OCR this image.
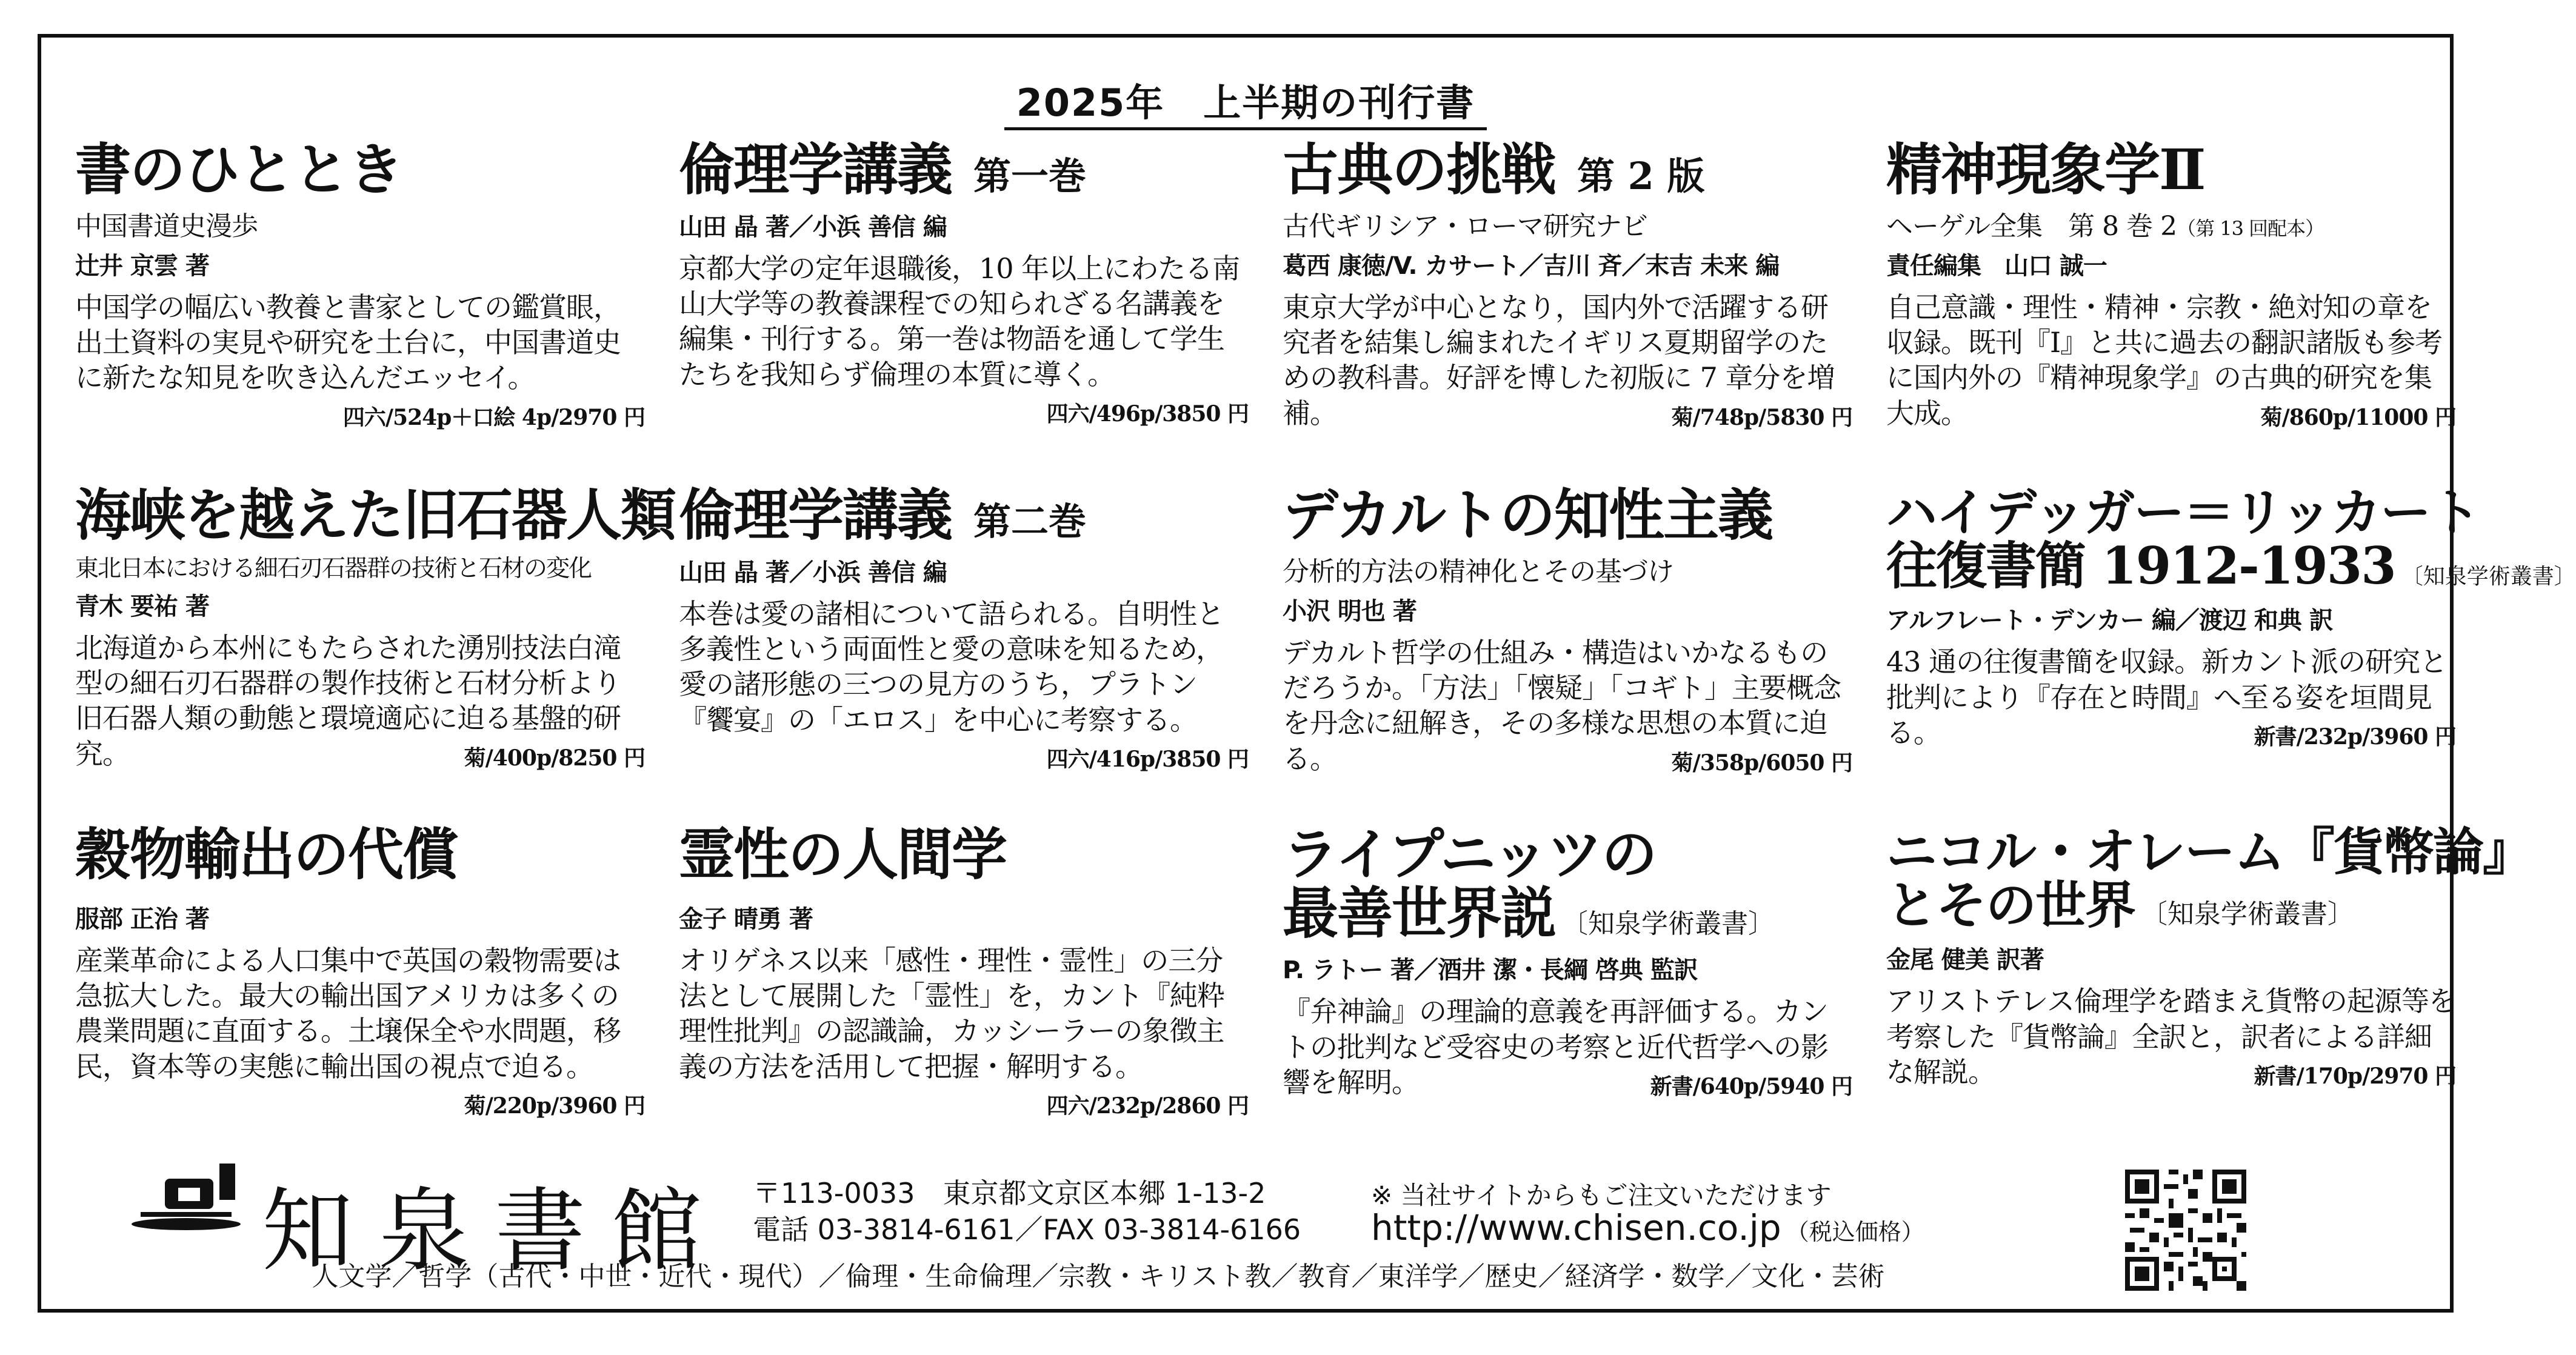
2025年　上半期の刊行書
書のひととき
中国書道史漫歩
辻井 京雲 著
中国学の幅広い教養と書家としての鑑賞眼，出土資料の実見や研究を土台に，中国書道史に新たな知見を吹き込んだエッセイ。
四六/524p＋口絵 4p/2970 円
倫理学講義 第一巻
山田 晶 著／小浜 善信 編
京都大学の定年退職後，10 年以上にわたる南山大学等の教養課程での知られざる名講義を編集・刊行する。第一巻は物語を通して学生たちを我知らず倫理の本質に導く。
四六/496p/3850 円
古典の挑戦 第 2 版
古代ギリシア・ローマ研究ナビ
葛西 康徳/V. カサート／吉川 斉／末吉 未来 編
東京大学が中心となり，国内外で活躍する研究者を結集し編まれたイギリス夏期留学のための教科書。好評を博した初版に 7 章分を増補。	菊/748p/5830 円
精神現象学Ⅱ
ヘーゲル全集　第 8 巻 2（第 13 回配本）
責任編集　山口 誠一
自己意識・理性・精神・宗教・絶対知の章を収録。既刊『Ⅰ』と共に過去の翻訳諸版も参考に国内外の『精神現象学』の古典的研究を集大成。	菊/860p/11000 円
海峡を越えた旧石器人類
東北日本における細石刃石器群の技術と石材の変化
青木 要祐 著
北海道から本州にもたらされた湧別技法白滝型の細石刃石器群の製作技術と石材分析より旧石器人類の動態と環境適応に迫る基盤的研究。	菊/400p/8250 円
倫理学講義 第二巻
山田 晶 著／小浜 善信 編
本巻は愛の諸相について語られる。自明性と多義性という両面性と愛の意味を知るため，愛の諸形態の三つの見方のうち，プラトン『饗宴』の「エロス」を中心に考察する。
四六/416p/3850 円
デカルトの知性主義
分析的方法の精神化とその基づけ
小沢 明也 著
デカルト哲学の仕組み・構造はいかなるものだろうか。「方法」「懐疑」「コギト」主要概念を丹念に紐解き，その多様な思想の本質に迫る。	菊/358p/6050 円
ハイデッガー＝リッカート
往復書簡 1912-1933 〔知泉学術叢書〕
アルフレート・デンカー 編／渡辺 和典 訳
43 通の往復書簡を収録。新カント派の研究と批判により『存在と時間』へ至る姿を垣間見る。	新書/232p/3960 円
穀物輸出の代償
服部 正治 著
産業革命による人口集中で英国の穀物需要は急拡大した。最大の輸出国アメリカは多くの農業問題に直面する。土壌保全や水問題，移民，資本等の実態に輸出国の視点で迫る。
菊/220p/3960 円
霊性の人間学
金子 晴勇 著
オリゲネス以来「感性・理性・霊性」の三分法として展開した「霊性」を，カント『純粋理性批判』の認識論，カッシーラーの象徴主義の方法を活用して把握・解明する。
四六/232p/2860 円
ライプニッツの
最善世界説 〔知泉学術叢書〕
P. ラトー 著／酒井 潔・長綱 啓典 監訳
『弁神論』の理論的意義を再評価する。カントの批判など受容史の考察と近代哲学への影響を解明。	新書/640p/5940 円
ニコル・オレーム『貨幣論』
とその世界 〔知泉学術叢書〕
金尾 健美 訳著
アリストテレス倫理学を踏まえ貨幣の起源等を考察した『貨幣論』全訳と，訳者による詳細な解説。	新書/170p/2970 円
知泉書館 〒113-0033　東京都文京区本郷 1-13-2
電話 03-3814-6161／FAX 03-3814-6166
※ 当社サイトからもご注文いただけます
http://www.chisen.co.jp （税込価格）
人文学／哲学（古代・中世・近代・現代）／倫理・生命倫理／宗教・キリスト教／教育／東洋学／歴史／経済学・数学／文化・芸術
